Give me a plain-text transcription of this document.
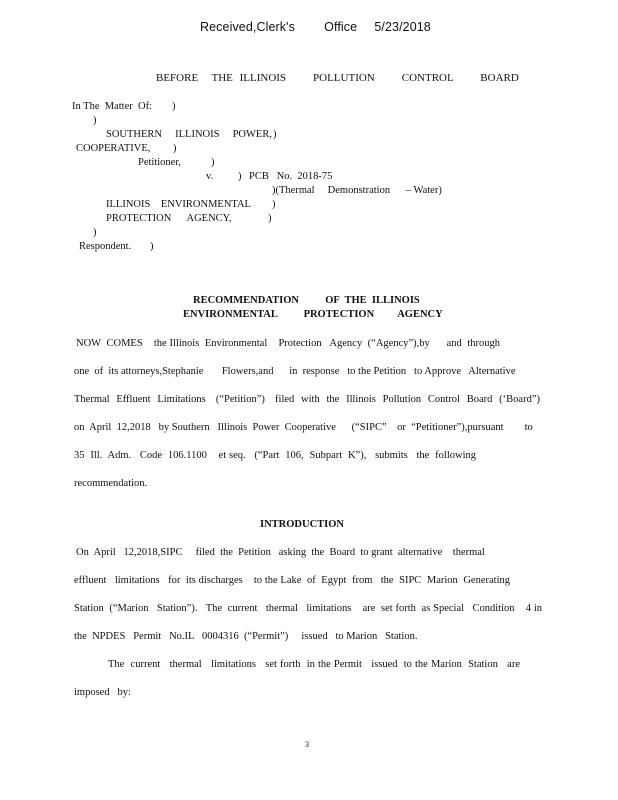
Received,Clerk's Office 5/23/2018
BEFORE  THE ILLINOIS    POLLUTION    CONTROL    BOARD
In The  Matter  Of: )
)
SOUTHERN     ILLINOIS     POWER, )
COOPERATIVE, )
Petitioner,	)
v. ) PCB   No.  2018-75
)(Thermal     Demonstration      – Water)
ILLINOIS    ENVIRONMENTAL )
PROTECTION      AGENCY,	)
)
Respondent. )
RECOMMENDATION          OF  THE  ILLINOIS
ENVIRONMENTAL          PROTECTION         AGENCY
NOW  COMES    the Illinois  Environmental    Protection   Agency  (“Agency”),by      and  through
one  of  its attorneys,Stephanie       Flowers,and      in  response   to the Petition   to Approve   Alternative
Thermal  Effluent  Limitations   (“Petition”)   filed  with  the  Illinois  Pollution  Control  Board  (‘Board”)
on  April  12,2018   by Southern   Illinois  Power  Cooperative      (“SIPC”    or  “Petitioner”),pursuant        to
35  Ill.  Adm.   Code  106.1100    et seq.   (“Part  106,  Subpart  K”),   submits   the  following
recommendation.
INTRODUCTION
On  April   12,2018,SIPC     filed  the  Petition   asking  the  Board  to grant  alternative    thermal
effluent   limitations   for  its discharges    to the Lake  of  Egypt  from   the  SIPC  Marion  Generating
Station  (“Marion   Station”).   The  current   thermal   limitations    are  set forth  as Special   Condition    4 in
the  NPDES   Permit   No.IL   0004316  (“Permit”)     issued   to Marion   Station.
The  current   thermal   limitations   set forth  in the Permit   issued  to the Marion  Station   are
imposed   by:
3
